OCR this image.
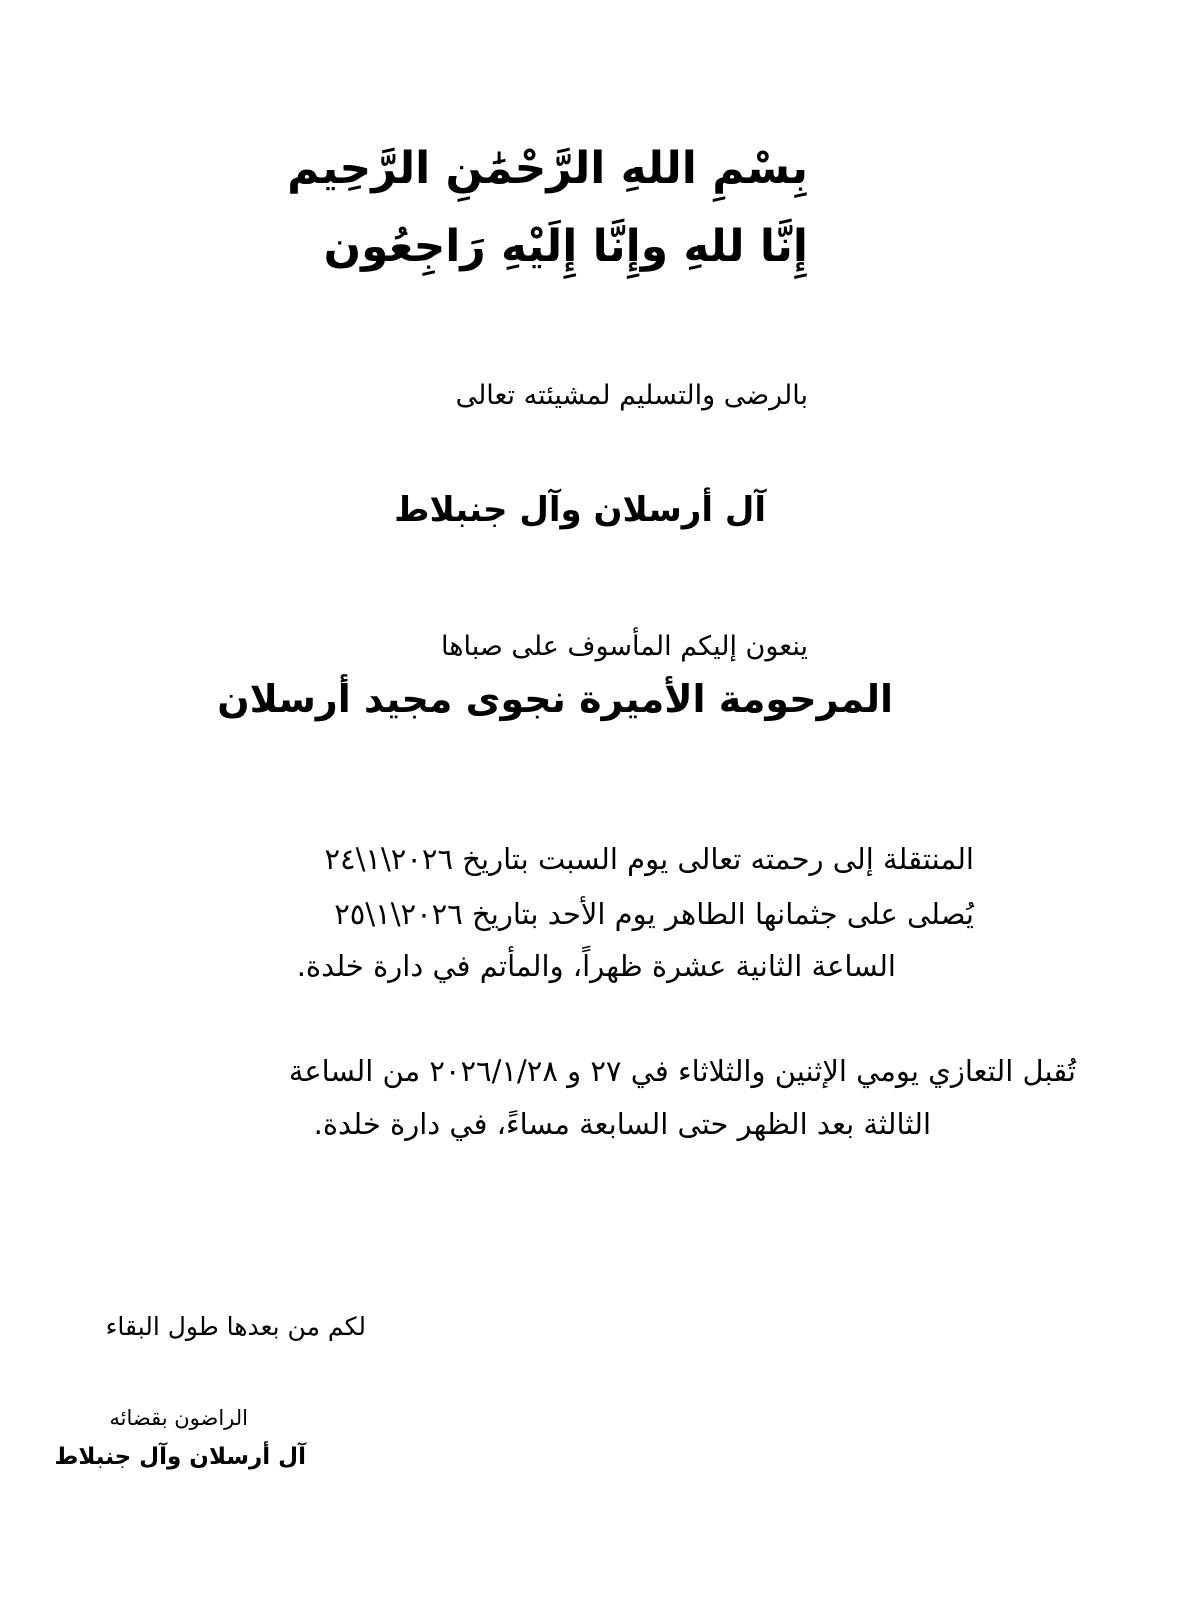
بِسْمِ اللهِ الرَّحْمَٰنِ الرَّحِيم
إِنَّا للهِ وإِنَّا إِلَيْهِ رَاجِعُون
بالرضى والتسليم لمشيئته تعالى
آل أرسلان وآل جنبلاط
ينعون إليكم المأسوف على صباها
المرحومة الأميرة نجوى مجيد أرسلان
المنتقلة إلى رحمته تعالى يوم السبت بتاريخ ٢٠٢٦\١\٢٤
يُصلى على جثمانها الطاهر يوم الأحد بتاريخ ٢٠٢٦\١\٢٥
الساعة الثانية عشرة ظهراً، والمأتم في دارة خلدة.
تُقبل التعازي يومي الإثنين والثلاثاء في ٢٧ و ٢٠٢٦/١/٢٨ من الساعة
الثالثة بعد الظهر حتى السابعة مساءً، في دارة خلدة.
لكم من بعدها طول البقاء
الراضون بقضائه
آل أرسلان وآل جنبلاط
